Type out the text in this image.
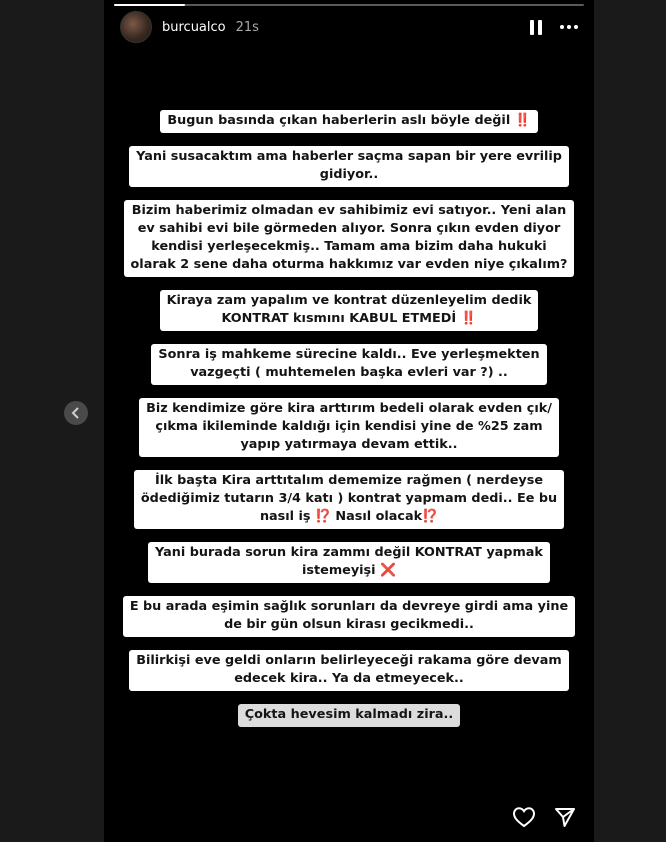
burcualco 21s
Bugun basında çıkan haberlerin aslı böyle değil ‼️
Yani susacaktım ama haberler saçma sapan bir yere evrilip
gidiyor..
Bizim haberimiz olmadan ev sahibimiz evi satıyor.. Yeni alan
ev sahibi evi bile görmeden alıyor. Sonra çıkın evden diyor
kendisi yerleşecekmiş.. Tamam ama bizim daha hukuki
olarak 2 sene daha oturma hakkımız var evden niye çıkalım?
Kiraya zam yapalım ve kontrat düzenleyelim dedik
KONTRAT kısmını KABUL ETMEDİ ‼️
Sonra iş mahkeme sürecine kaldı.. Eve yerleşmekten
vazgeçti ( muhtemelen başka evleri var ?) ..
Biz kendimize göre kira arttırım bedeli olarak evden çık/
çıkma ikileminde kaldığı için kendisi yine de %25 zam
yapıp yatırmaya devam ettik..
İlk başta Kira arttıtalım dememize rağmen ( nerdeyse
ödediğimiz tutarın 3/4 katı ) kontrat yapmam dedi.. Ee bu
nasıl iş ⁉️ Nasıl olacak⁉️
Yani burada sorun kira zammı değil KONTRAT yapmak
istemeyişi ❌
E bu arada eşimin sağlık sorunları da devreye girdi ama yine
de bir gün olsun kirası gecikmedi..
Bilirkişi eve geldi onların belirleyeceği rakama göre devam
edecek kira.. Ya da etmeyecek..
Çokta hevesim kalmadı zira..
